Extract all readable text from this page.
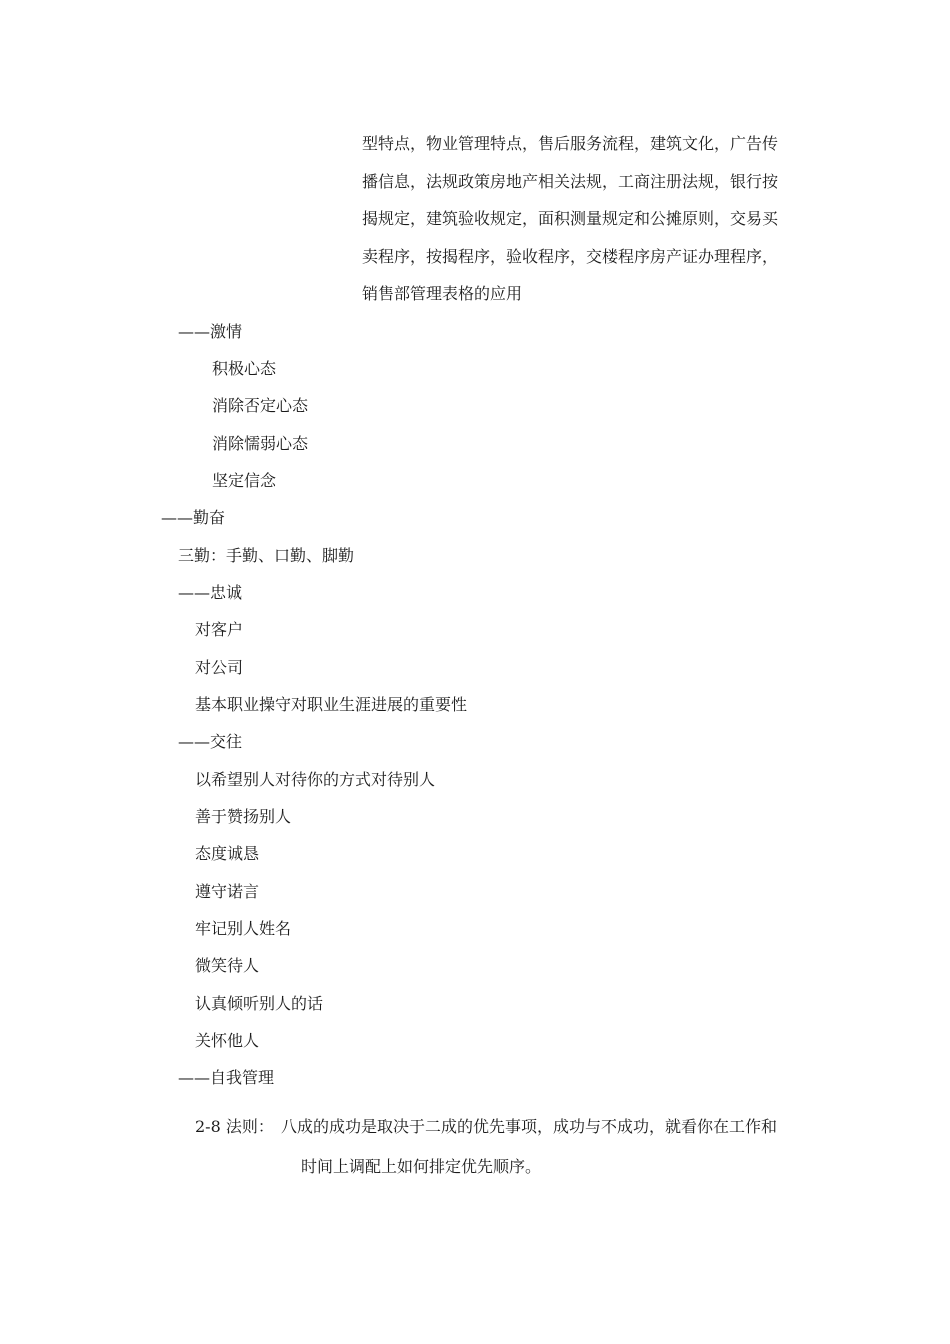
型特点，物业管理特点，售后服务流程，建筑文化，广告传
播信息，法规政策房地产相关法规，工商注册法规，银行按
揭规定，建筑验收规定，面积测量规定和公摊原则，交易买
卖程序，按揭程序，验收程序，交楼程序房产证办理程序，
销售部管理表格的应用
——激情
积极心态
消除否定心态
消除懦弱心态
坚定信念
——勤奋
三勤：手勤、口勤、脚勤
——忠诚
对客户
对公司
基本职业操守对职业生涯进展的重要性
——交往
以希望别人对待你的方式对待别人
善于赞扬别人
态度诚恳
遵守诺言
牢记别人姓名
微笑待人
认真倾听别人的话
关怀他人
——自我管理
2-8 法则： 八成的成功是取决于二成的优先事项，成功与不成功，就看你在工作和
时间上调配上如何排定优先顺序。
